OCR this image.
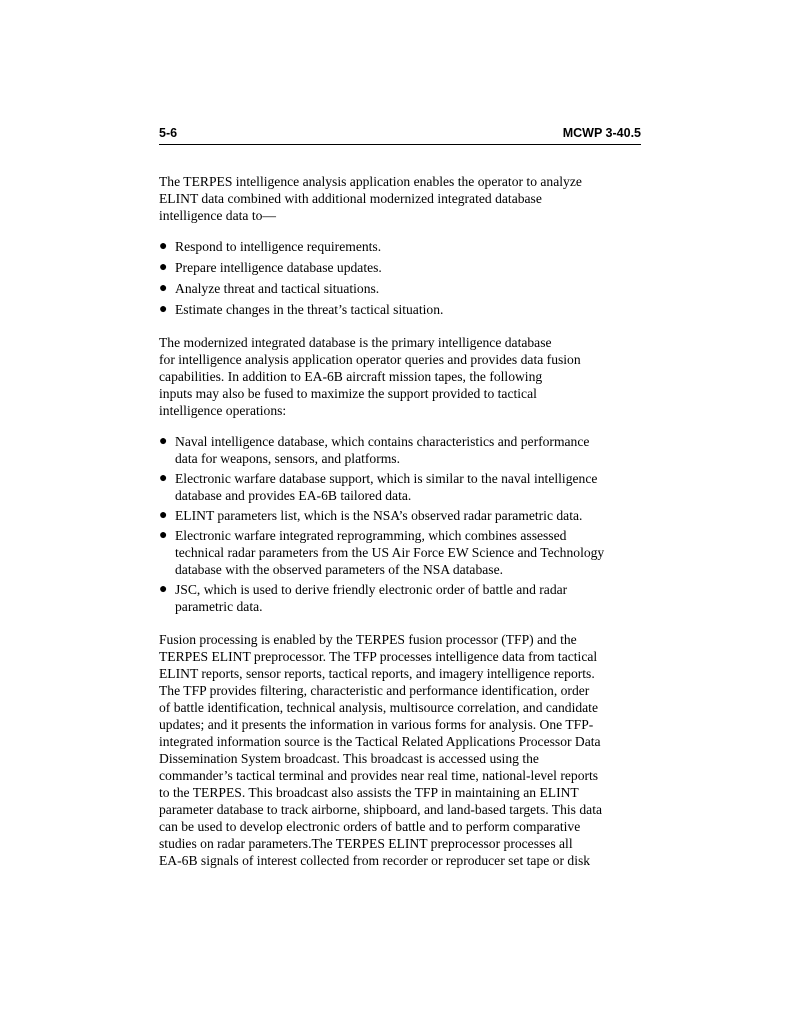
5-6	MCWP 3-40.5

The TERPES intelligence analysis application enables the operator to analyze
ELINT data combined with additional modernized integrated database
intelligence data to—

● Respond to intelligence requirements.
● Prepare intelligence database updates.
● Analyze threat and tactical situations.
● Estimate changes in the threat’s tactical situation.

The modernized integrated database is the primary intelligence database
for intelligence analysis application operator queries and provides data fusion
capabilities. In addition to EA-6B aircraft mission tapes, the following
inputs may also be fused to maximize the support provided to tactical
intelligence operations:

● Naval intelligence database, which contains characteristics and performance
data for weapons, sensors, and platforms.
● Electronic warfare database support, which is similar to the naval intelligence
database and provides EA-6B tailored data.
● ELINT parameters list, which is the NSA’s observed radar parametric data.
● Electronic warfare integrated reprogramming, which combines assessed
technical radar parameters from the US Air Force EW Science and Technology
database with the observed parameters of the NSA database.
● JSC, which is used to derive friendly electronic order of battle and radar
parametric data.

Fusion processing is enabled by the TERPES fusion processor (TFP) and the
TERPES ELINT preprocessor. The TFP processes intelligence data from tactical
ELINT reports, sensor reports, tactical reports, and imagery intelligence reports.
The TFP provides filtering, characteristic and performance identification, order
of battle identification, technical analysis, multisource correlation, and candidate
updates; and it presents the information in various forms for analysis. One TFP-
integrated information source is the Tactical Related Applications Processor Data
Dissemination System broadcast. This broadcast is accessed using the
commander’s tactical terminal and provides near real time, national-level reports
to the TERPES. This broadcast also assists the TFP in maintaining an ELINT
parameter database to track airborne, shipboard, and land-based targets. This data
can be used to develop electronic orders of battle and to perform comparative
studies on radar parameters.The TERPES ELINT preprocessor processes all
EA-6B signals of interest collected from recorder or reproducer set tape or disk
